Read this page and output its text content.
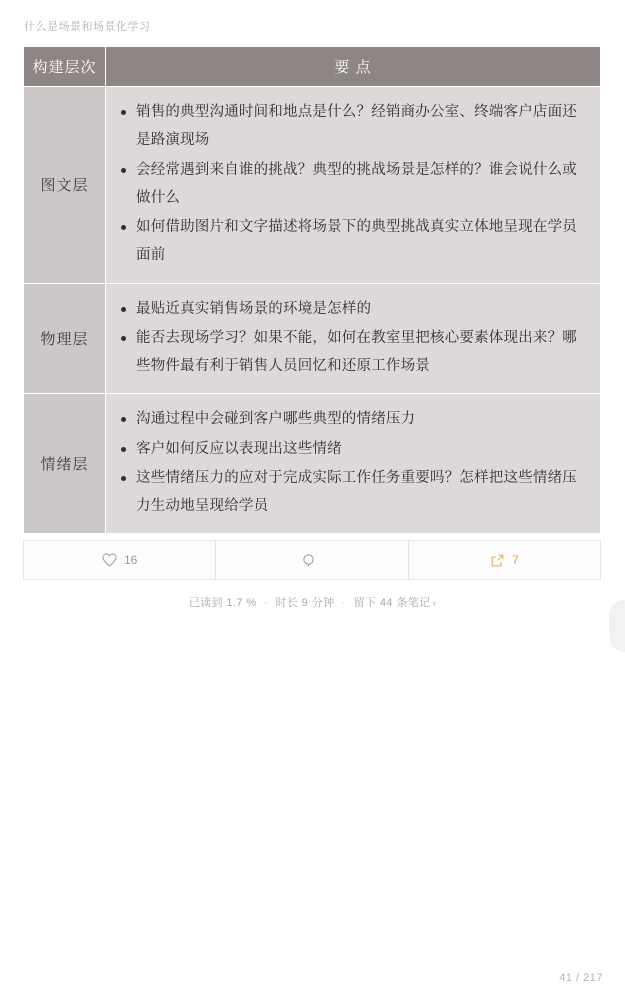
什么是场景和场景化学习
构建层次	要 点
图文层	
销售的典型沟通时间和地点是什么？经销商办公室、终端客户店面还是路演现场
会经常遇到来自谁的挑战？典型的挑战场景是怎样的？谁会说什么或做什么
如何借助图片和文字描述将场景下的典型挑战真实立体地呈现在学员面前

物理层	
最贴近真实销售场景的环境是怎样的
能否去现场学习？如果不能，如何在教室里把核心要素体现出来？哪些物件最有利于销售人员回忆和还原工作场景

情绪层	
沟通过程中会碰到客户哪些典型的情绪压力
客户如何反应以表现出这些情绪
这些情绪压力的应对于完成实际工作任务重要吗？怎样把这些情绪压力生动地呈现给学员
16	7
已读到 1.7 % · 时长 9 分钟 · 留下 44 条笔记 ›
41 / 217
